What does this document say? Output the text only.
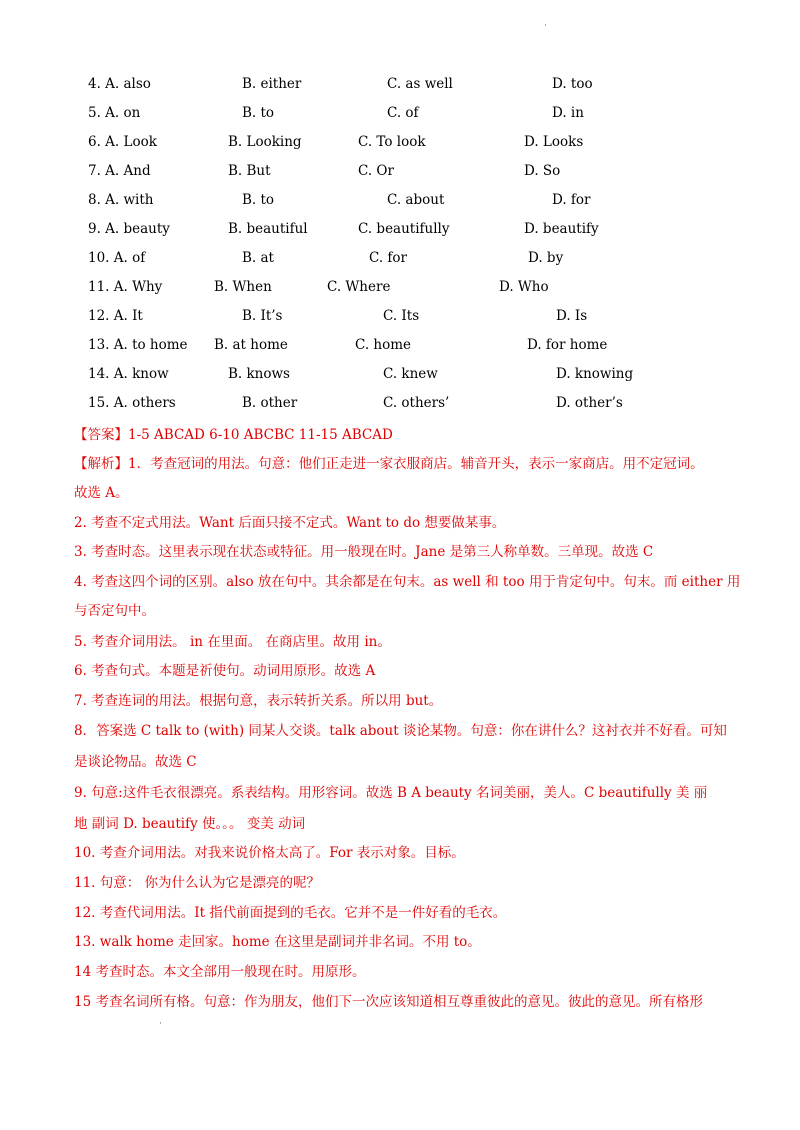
˙
4. A. also	B. either	C. as well	D. too
5. A. on	B. to	C. of	D. in
6. A. Look	B. Looking	C. To look	D. Looks
7. A. And	B. But	C. Or	D. So
8. A. with	B. to	C. about	D. for
9. A. beauty	B. beautiful	C. beautifully	D. beautify
10. A. of	B. at	C. for	D. by
11. A. Why	B. When	C. Where	D. Who
12. A. It	B. It’s	C. Its	D. Is
13. A. to home B. at home	C. home	D. for home
14. A. know	B. knows	C. knew	D. knowing
15. A. others	B. other	C. others’	D. other’s
【答案】1-5 ABCAD 6-10 ABCBC 11-15 ABCAD
【解析】1．考查冠词的用法。句意：他们正走进一家衣服商店。辅音开头，表示一家商店。用不定冠词。
故选 A。
2. 考查不定式用法。Want 后面只接不定式。Want to do 想要做某事。
3. 考查时态。这里表示现在状态或特征。用一般现在时。Jane 是第三人称单数。三单现。故选 C
4. 考查这四个词的区别。also 放在句中。其余都是在句末。as well 和 too 用于肯定句中。句末。而 either 用
与否定句中。
5. 考查介词用法。 in 在里面。 在商店里。故用 in。
6. 考查句式。本题是祈使句。动词用原形。故选 A
7. 考查连词的用法。根据句意，表示转折关系。所以用 but。
8．答案选 C talk to (with) 同某人交谈。talk about 谈论某物。句意：你在讲什么？这衬衣并不好看。可知
是谈论物品。故选 C
9. 句意:这件毛衣很漂亮。系表结构。用形容词。故选 B A beauty 名词美丽，美人。C beautifully 美 丽
地 副词 D. beautify 使。。。 变美 动词
10. 考查介词用法。对我来说价格太高了。For 表示对象。目标。
11. 句意： 你为什么认为它是漂亮的呢？
12. 考查代词用法。It 指代前面提到的毛衣。它并不是一件好看的毛衣。
13. walk home 走回家。home 在这里是副词并非名词。不用 to。
14 考查时态。本文全部用一般现在时。用原形。
15 考查名词所有格。句意：作为朋友，他们下一次应该知道相互尊重彼此的意见。彼此的意见。所有格形
˙
